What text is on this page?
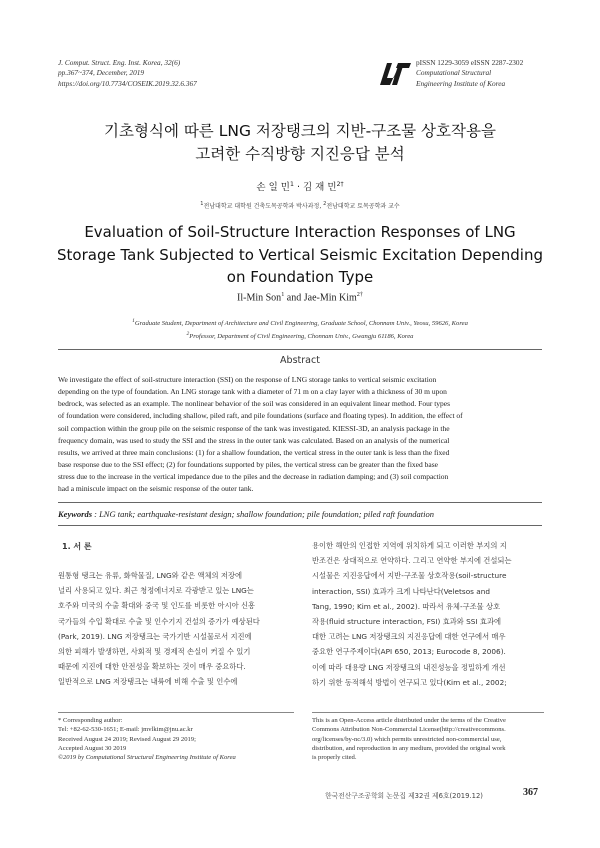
J. Comput. Struct. Eng. Inst. Korea, 32(6)
pp.367~374, December, 2019
https://doi.org/10.7734/COSEIK.2019.32.6.367
pISSN 1229-3059 eISSN 2287-2302
Computational Structural
Engineering Institute of Korea
기초형식에 따른 LNG 저장탱크의 지반-구조물 상호작용을
고려한 수직방향 지진응답 분석
손 일 민$^1$ · 김 재 민$^{2\dagger}$
$^1$전남대학교 대학원 건축도목공학과 박사과정, $^2$전남대학교 토목공학과 교수
Evaluation of Soil-Structure Interaction Responses of LNG
Storage Tank Subjected to Vertical Seismic Excitation Depending
on Foundation Type
Il-Min Son$^1$ and Jae-Min Kim$^{2\dagger}$
$^1$Graduate Student, Department of Architecture and Civil Engineering, Graduate School, Chonnam Univ., Yeosu, 59626, Korea
$^2$Professor, Department of Civil Engineering, Chonnam Univ., Gwangju 61186, Korea
Abstract
We investigate the effect of soil-structure interaction (SSI) on the response of LNG storage tanks to vertical seismic excitation
depending on the type of foundation. An LNG storage tank with a diameter of 71 m on a clay layer with a thickness of 30 m upon
bedrock, was selected as an example. The nonlinear behavior of the soil was considered in an equivalent linear method. Four types
of foundation were considered, including shallow, piled raft, and pile foundations (surface and floating types). In addition, the effect of
soil compaction within the group pile on the seismic response of the tank was investigated. KIESSI-3D, an analysis package in the
frequency domain, was used to study the SSI and the stress in the outer tank was calculated. Based on an analysis of the numerical
results, we arrived at three main conclusions: (1) for a shallow foundation, the vertical stress in the outer tank is less than the fixed
base response due to the SSI effect; (2) for foundations supported by piles, the vertical stress can be greater than the fixed base
stress due to the increase in the vertical impedance due to the piles and the decrease in radiation damping; and (3) soil compaction
had a miniscule impact on the seismic response of the outer tank.
Keywords : LNG tank; earthquake-resistant design; shallow foundation; pile foundation; piled raft foundation
1. 서 론
원통형 탱크는 유류, 화학물질, LNG와 같은 액체의 저장에
널리 사용되고 있다. 최근 청정에너지로 각광받고 있는 LNG는
호주와 미국의 수출 확대와 중국 및 인도를 비롯한 아시아 신흥
국가들의 수입 확대로 수출 및 인수기지 건설의 증가가 예상된다
(Park, 2019). LNG 저장탱크는 국가기반 시설물로서 지진에
의한 피해가 발생하면, 사회적 및 경제적 손실이 커질 수 있기
때문에 지진에 대한 안전성을 확보하는 것이 매우 중요하다.
일반적으로 LNG 저장탱크는 내륙에 비해 수출 및 인수에
용이한 해안의 인접한 지역에 위치하게 되고 이러한 부지의 지
반조건은 상대적으로 연약하다. 그리고 연약한 부지에 건설되는
시설물은 지진응답에서 지반-구조물 상호작용(soil-structure
interaction, SSI) 효과가 크게 나타난다(Veletsos and
Tang, 1990; Kim et al., 2002). 따라서 유체-구조물 상호
작용(fluid structure interaction, FSI) 효과와 SSI 효과에
대한 고려는 LNG 저장탱크의 지진응답에 대한 연구에서 매우
중요한 연구주제이다(API 650, 2013; Eurocode 8, 2006).
이에 따라 대용량 LNG 저장탱크의 내진성능을 정밀하게 개선
하기 위한 동적해석 방법이 연구되고 있다(Kim et al., 2002;
* Corresponding author:
Tel: +82-62-530-1651; E-mail: jmvlkim@jnu.ac.kr
Received August 24 2019; Revised August 29 2019;
Accepted August 30 2019
©2019 by Computational Structural Engineering Institute of Korea
This is an Open-Access article distributed under the terms of the Creative
Commons Attribution Non-Commercial License(http://creativecommons.
org/licenses/by-nc/3.0) which permits unrestricted non-commercial use,
distribution, and reproduction in any medium, provided the original work
is properly cited.
한국전산구조공학회 논문집 제32권 제6호(2019.12)	367
